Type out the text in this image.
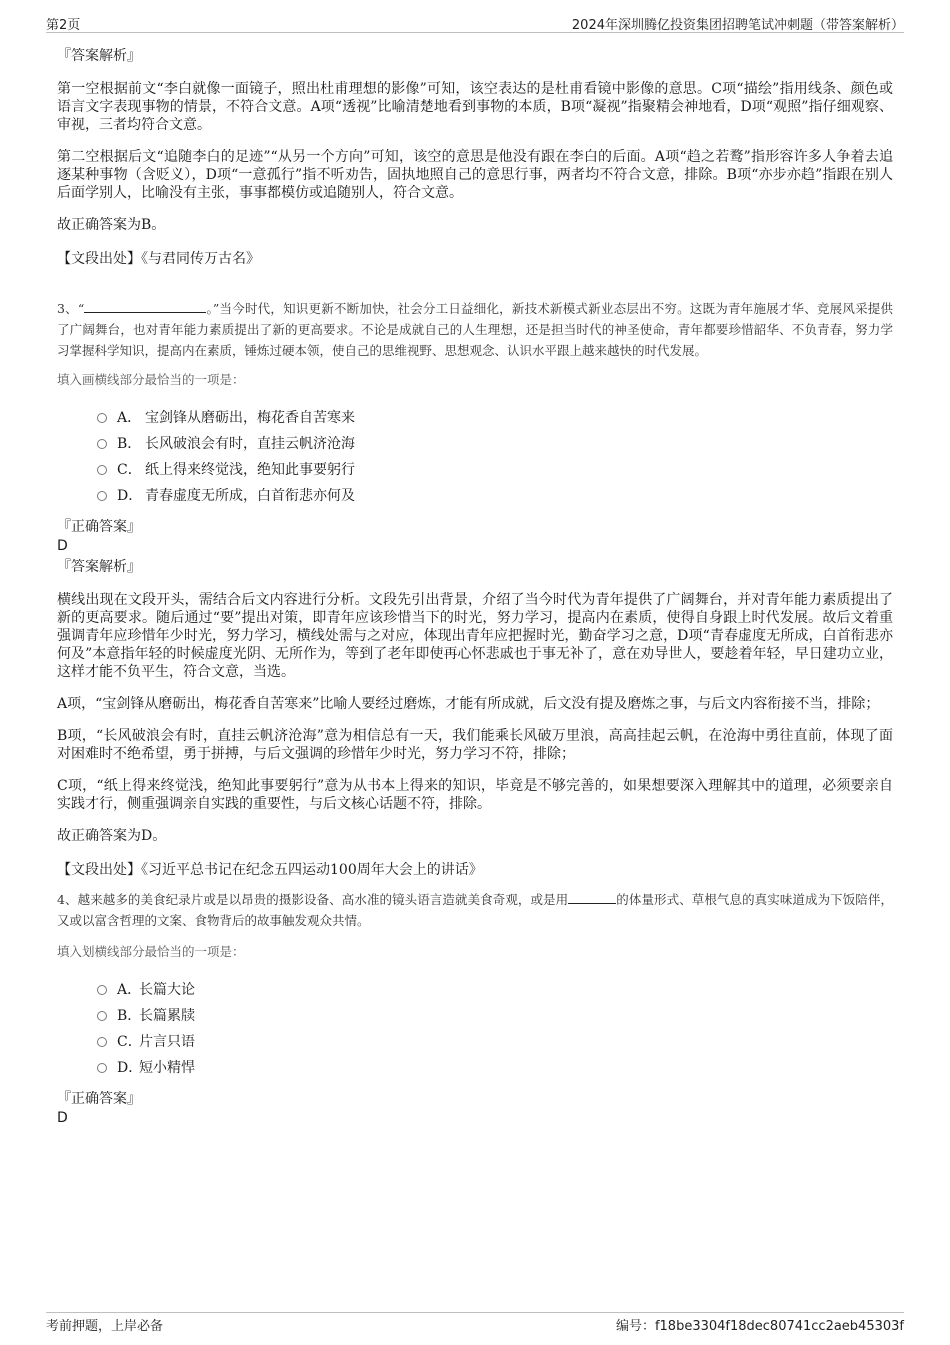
第2页	2024年深圳腾亿投资集团招聘笔试冲刺题（带答案解析）

『答案解析』

第一空根据前文“李白就像一面镜子，照出杜甫理想的影像”可知，该空表达的是杜甫看镜中影像的意思。C项“描绘”指用线条、颜色或语言文字表现事物的情景，不符合文意。A项“透视”比喻清楚地看到事物的本质，B项“凝视”指聚精会神地看，D项“观照”指仔细观察、审视，三者均符合文意。

第二空根据后文“追随李白的足迹”“从另一个方向”可知，该空的意思是他没有跟在李白的后面。A项“趋之若鹜”指形容许多人争着去追逐某种事物（含贬义），D项“一意孤行”指不听劝告，固执地照自己的意思行事，两者均不符合文意，排除。B项“亦步亦趋”指跟在别人后面学别人，比喻没有主张，事事都模仿或追随别人，符合文意。

故正确答案为B。

【文段出处】《与君同传万古名》

3、“	。”当今时代，知识更新不断加快，社会分工日益细化，新技术新模式新业态层出不穷。这既为青年施展才华、竞展风采提供了广阔舞台，也对青年能力素质提出了新的更高要求。不论是成就自己的人生理想，还是担当时代的神圣使命，青年都要珍惜韶华、不负青春，努力学习掌握科学知识，提高内在素质，锤炼过硬本领，使自己的思维视野、思想观念、认识水平跟上越来越快的时代发展。

填入画横线部分最恰当的一项是：

A． 宝剑锋从磨砺出，梅花香自苦寒来
B． 长风破浪会有时，直挂云帆济沧海
C． 纸上得来终觉浅，绝知此事要躬行
D． 青春虚度无所成，白首衔悲亦何及

『正确答案』

D

『答案解析』

横线出现在文段开头，需结合后文内容进行分析。文段先引出背景，介绍了当今时代为青年提供了广阔舞台，并对青年能力素质提出了新的更高要求。随后通过“要”提出对策，即青年应该珍惜当下的时光，努力学习，提高内在素质，使得自身跟上时代发展。故后文着重强调青年应珍惜年少时光，努力学习，横线处需与之对应，体现出青年应把握时光，勤奋学习之意，D项“青春虚度无所成，白首衔悲亦何及”本意指年轻的时候虚度光阴、无所作为，等到了老年即使再心怀悲戚也于事无补了，意在劝导世人，要趁着年轻，早日建功立业，这样才能不负平生，符合文意，当选。

A项，“宝剑锋从磨砺出，梅花香自苦寒来”比喻人要经过磨炼，才能有所成就，后文没有提及磨炼之事，与后文内容衔接不当，排除；

B项，“长风破浪会有时，直挂云帆济沧海”意为相信总有一天，我们能乘长风破万里浪，高高挂起云帆，在沧海中勇往直前，体现了面对困难时不绝希望，勇于拼搏，与后文强调的珍惜年少时光，努力学习不符，排除；

C项，“纸上得来终觉浅，绝知此事要躬行”意为从书本上得来的知识，毕竟是不够完善的，如果想要深入理解其中的道理，必须要亲自实践才行，侧重强调亲自实践的重要性，与后文核心话题不符，排除。

故正确答案为D。

【文段出处】《习近平总书记在纪念五四运动100周年大会上的讲话》

4、越来越多的美食纪录片或是以昂贵的摄影设备、高水准的镜头语言造就美食奇观，或是用	的体量形式、草根气息的真实味道成为下饭陪伴，又或以富含哲理的文案、食物背后的故事触发观众共情。

填入划横线部分最恰当的一项是：

A．
长篇大论
B．
长篇累牍
C．
片言只语
D．
短小精悍

『正确答案』

D

考前押题，上岸必备	编号：f18be3304f18dec80741cc2aeb45303f
